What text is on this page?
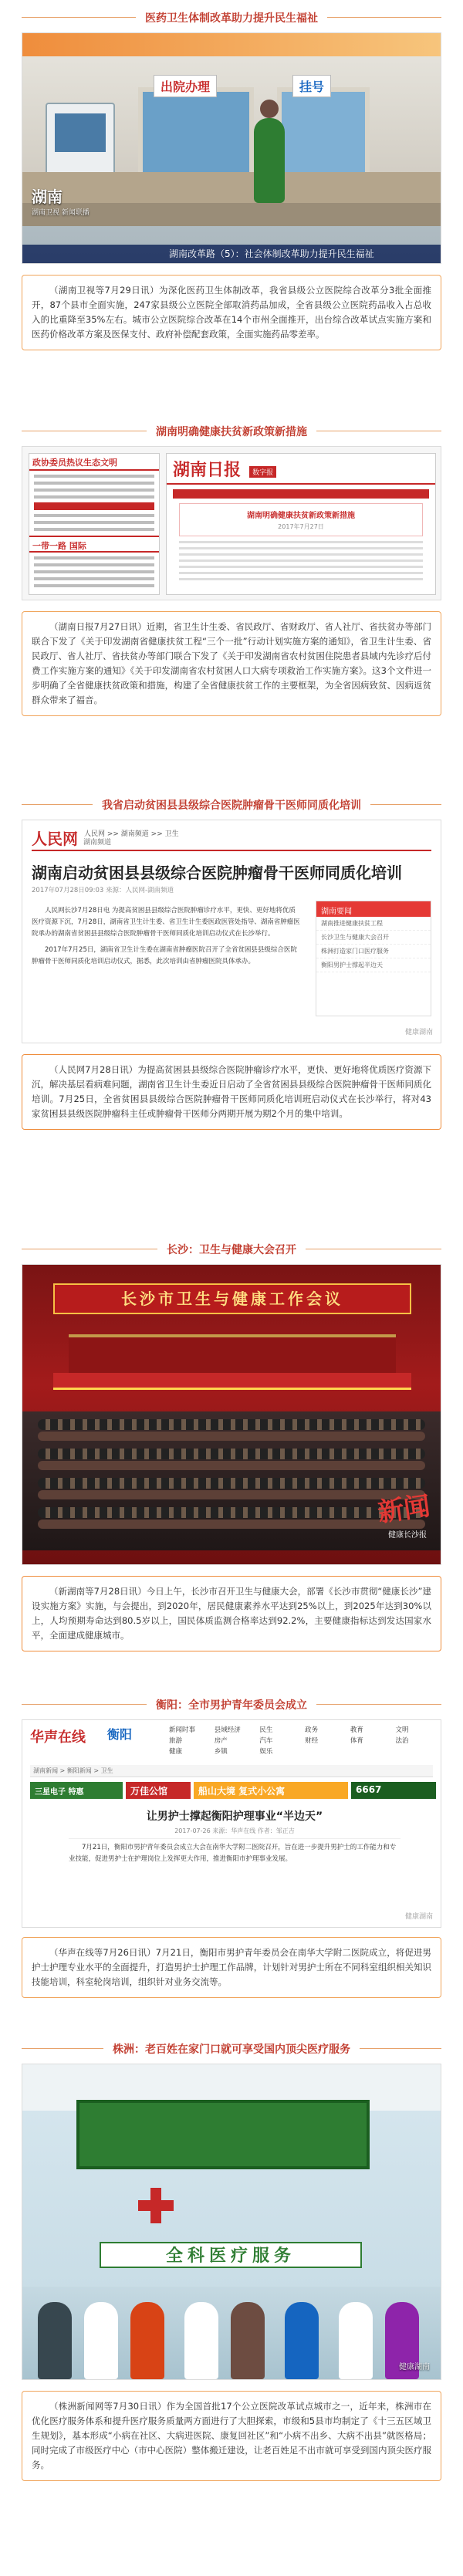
医药卫生体制改革助力提升民生福祉
出院办理	挂号
湖南
湖南卫视 新闻联播
湖南改革路（5）：社会体制改革助力提升民生福祉
（湖南卫视等7月29日讯）为深化医药卫生体制改革，我省县级公立医院综合改革分3批全面推开，87个县市全面实施，247家县级公立医院全部取消药品加成，全省县级公立医院药品收入占总收入的比重降至35%左右。城市公立医院综合改革在14个市州全面推开，出台综合改革试点实施方案和医药价格改革方案及医保支付、政府补偿配套政策，全面实施药品零差率。
湖南明确健康扶贫新政策新措施
政协委员热议生态文明
一带一路 国际
湖南日报 数字报
湖南明确健康扶贫新政策新措施
2017年7月27日
（湖南日报7月27日讯）近期，省卫生计生委、省民政厅、省财政厅、省人社厅、省扶贫办等部门联合下发了《关于印发湖南省健康扶贫工程“三个一批”行动计划实施方案的通知》，省卫生计生委、省民政厅、省人社厅、省扶贫办等部门联合下发了《关于印发湖南省农村贫困住院患者县域内先诊疗后付费工作实施方案的通知》《关于印发湖南省农村贫困人口大病专项救治工作实施方案》。这3个文件进一步明确了全省健康扶贫政策和措施，构建了全省健康扶贫工作的主要框架，为全省因病致贫、因病返贫群众带来了福音。
我省启动贫困县县级综合医院肿瘤骨干医师同质化培训
人民网 湖南频道
人民网 >> 湖南频道 >> 卫生
湖南启动贫困县县级综合医院肿瘤骨干医师同质化培训
2017年07月28日09:03 来源：人民网-湖南频道

人民网长沙7月28日电 为提高贫困县县级综合医院肿瘤诊疗水平，更快、更好地将优质医疗资源下沉，7月28日，湖南省卫生计生委、省卫生计生委医政医管处指导、湖南省肿瘤医院承办的湖南省贫困县县级综合医院肿瘤骨干医师同质化培训启动仪式在长沙举行。

2017年7月25日，湖南省卫生计生委在湖南省肿瘤医院召开了全省贫困县县级综合医院肿瘤骨干医师同质化培训启动仪式，据悉，此次培训由省肿瘤医院具体承办。

湖南要闻
湖南推进健康扶贫工程
长沙卫生与健康大会召开
株洲打造家门口医疗服务
衡阳男护士撑起半边天
健康湖南
（人民网7月28日讯）为提高贫困县县级综合医院肿瘤诊疗水平，更快、更好地将优质医疗资源下沉，解决基层看病难问题，湖南省卫生计生委近日启动了全省贫困县县级综合医院肿瘤骨干医师同质化培训。7月25日，全省贫困县县级综合医院肿瘤骨干医师同质化培训班启动仪式在长沙举行，将对43家贫困县县级医院肿瘤科主任或肿瘤骨干医师分两期开展为期2个月的集中培训。
长沙：卫生与健康大会召开
长沙市卫生与健康工作会议
新闻
健康长沙报
（新湖南等7月28日讯）今日上午，长沙市召开卫生与健康大会，部署《长沙市贯彻“健康长沙”建设实施方案》实施，与会提出，到2020年，居民健康素养水平达到25%以上，到2025年达到30%以上，人均预期寿命达到80.5岁以上，国民体质监测合格率达到92.2%，主要健康指标达到发达国家水平，全面建成健康城市。
衡阳：全市男护青年委员会成立
华声在线 衡阳	新闻时事	县域经济	民生	政务	教育	文明 旅游	房产	汽车	财经	体育	法治 健康	乡镇	娱乐
湖南新闻 > 衡阳新闻 > 卫生
三星电子 特惠	万佳公馆	船山大境 复式小公寓	6667
让男护士撑起衡阳护理事业“半边天”
2017-07-26 来源：华声在线 作者：邹正吉
7月21日，衡阳市男护青年委员会成立大会在南华大学附二医院召开，旨在进一步提升男护士的工作能力和专业技能，促进男护士在护理岗位上发挥更大作用，推进衡阳市护理事业发展。
健康湖南
（华声在线等7月26日讯）7月21日，衡阳市男护青年委员会在南华大学附二医院成立，将促进男护士护理专业水平的全面提升，打造男护士护理工作品牌，计划针对男护士所在不同科室组织相关知识技能培训，科室轮岗培训，组织针对业务交流等。
株洲：老百姓在家门口就可享受国内顶尖医疗服务
全科医疗服务
健康湖南
（株洲新闻网等7月30日讯）作为全国首批17个公立医院改革试点城市之一，近年来，株洲市在优化医疗服务体系和提升医疗服务质量两方面进行了大胆探索，市级和5县市均制定了《十三五区域卫生规划》，基本形成“小病在社区、大病进医院、康复回社区”和“小病不出乡、大病不出县”就医格局；同时完成了市级医疗中心（市中心医院）整体搬迁建设，让老百姓足不出市就可享受到国内顶尖医疗服务。
